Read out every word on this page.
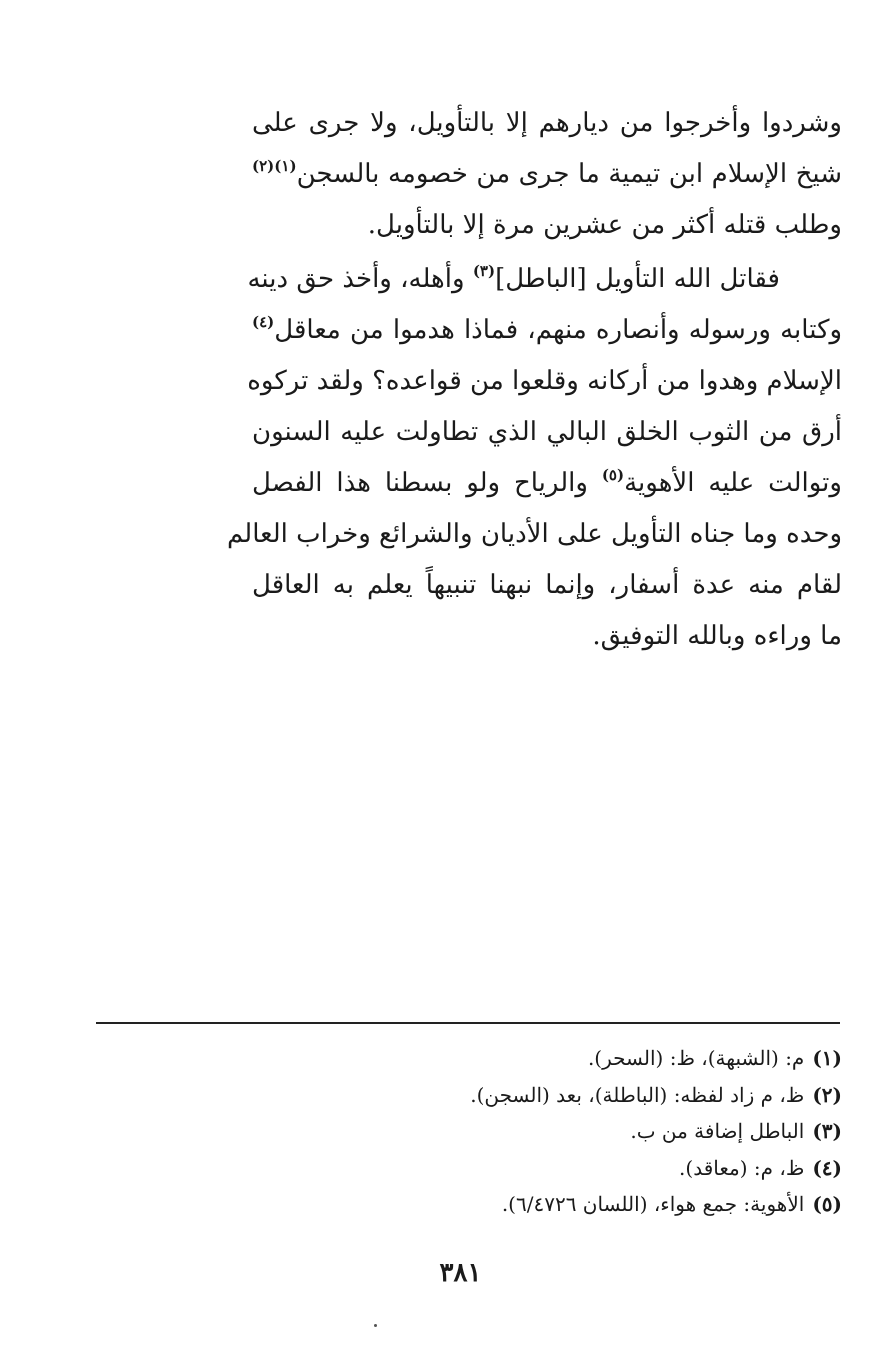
وشردوا وأخرجوا من ديارهم إلا بالتأويل، ولا جرى على
شيخ الإسلام ابن تيمية ما جرى من خصومه بالسجن$^{(١)(٢)}$
وطلب قتله أكثر من عشرين مرة إلا بالتأويل.
فقاتل الله التأويل [الباطل]$^{(٣)}$ وأهله، وأخذ حق دينه
وكتابه ورسوله وأنصاره منهم، فماذا هدموا من معاقل$^{(٤)}$
الإسلام وهدوا من أركانه وقلعوا من قواعده؟ ولقد تركوه
أرق من الثوب الخلق البالي الذي تطاولت عليه السنون
وتوالت عليه الأهوية$^{(٥)}$ والرياح ولو بسطنا هذا الفصل
وحده وما جناه التأويل على الأديان والشرائع وخراب العالم
لقام منه عدة أسفار، وإنما نبهنا تنبيهاً يعلم به العاقل
ما وراءه وبالله التوفيق.
(١)م: (الشبهة)، ظ: (السحر).
(٢)ظ، م زاد لفظه: (الباطلة)، بعد (السجن).
(٣)الباطل إضافة من ب.
(٤)ظ، م: (معاقد).
(٥)الأهوية: جمع هواء، (اللسان ٦/٤٧٢٦).
٣٨١
